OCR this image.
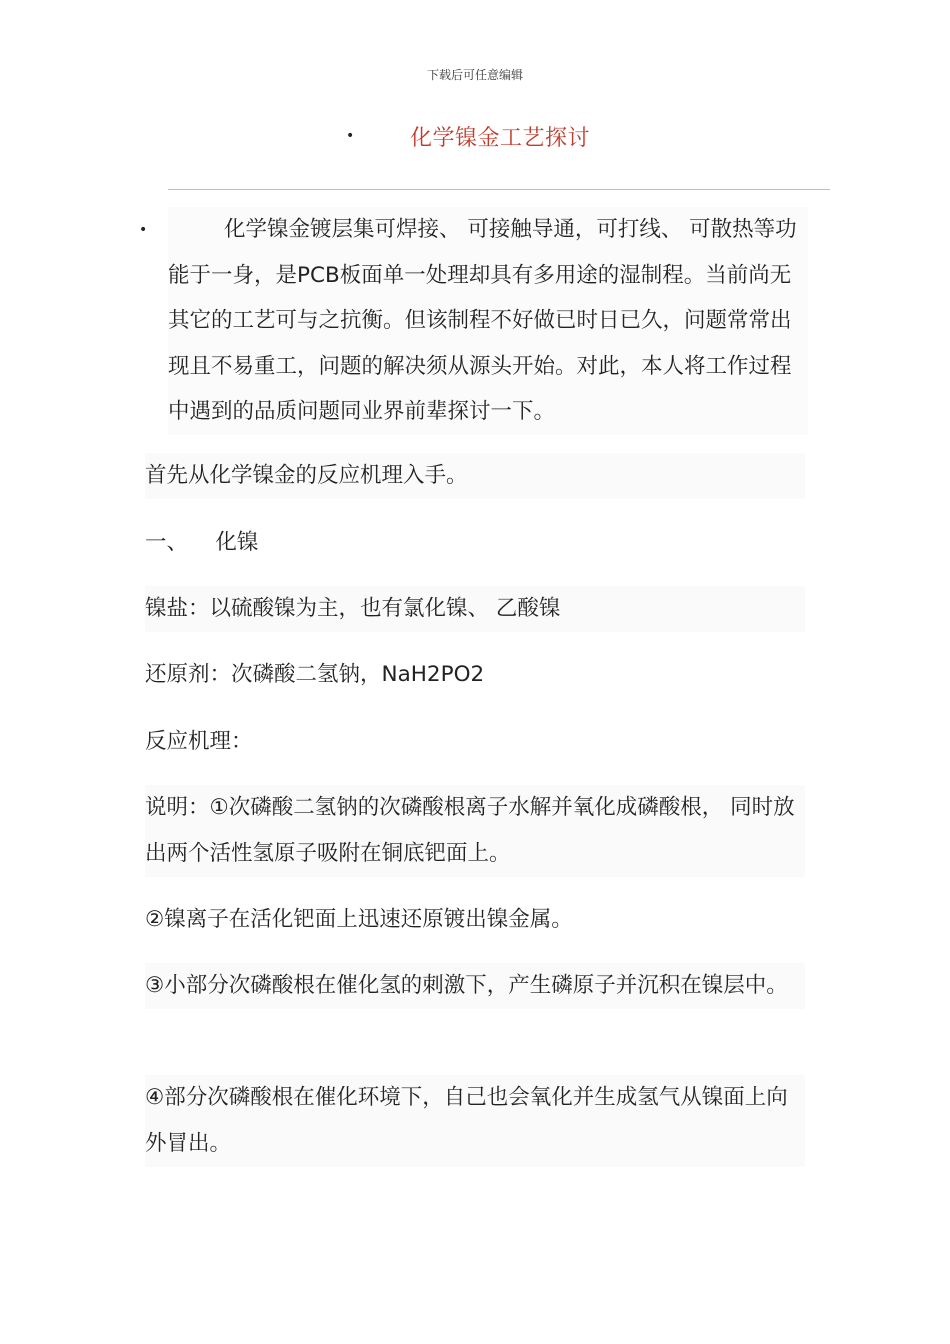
下载后可任意编辑
•	化学镍金工艺探讨
•	化学镍金镀层集可焊接、 可接触导通，可打线、 可散热等功能于一身，是PCB板面单一处理却具有多用途的湿制程。当前尚无其它的工艺可与之抗衡。但该制程不好做已时日已久，问题常常出现且不易重工，问题的解决须从源头开始。对此，本人将工作过程中遇到的品质问题同业界前辈探讨一下。

首先从化学镍金的反应机理入手。

一、    化镍

镍盐：以硫酸镍为主，也有氯化镍、 乙酸镍

还原剂：次磷酸二氢钠，NaH2PO2

反应机理：

说明：①次磷酸二氢钠的次磷酸根离子水解并氧化成磷酸根， 同时放出两个活性氢原子吸附在铜底钯面上。

②镍离子在活化钯面上迅速还原镀出镍金属。

③小部分次磷酸根在催化氢的刺激下，产生磷原子并沉积在镍层中。

④部分次磷酸根在催化环境下，自己也会氧化并生成氢气从镍面上向外冒出。
